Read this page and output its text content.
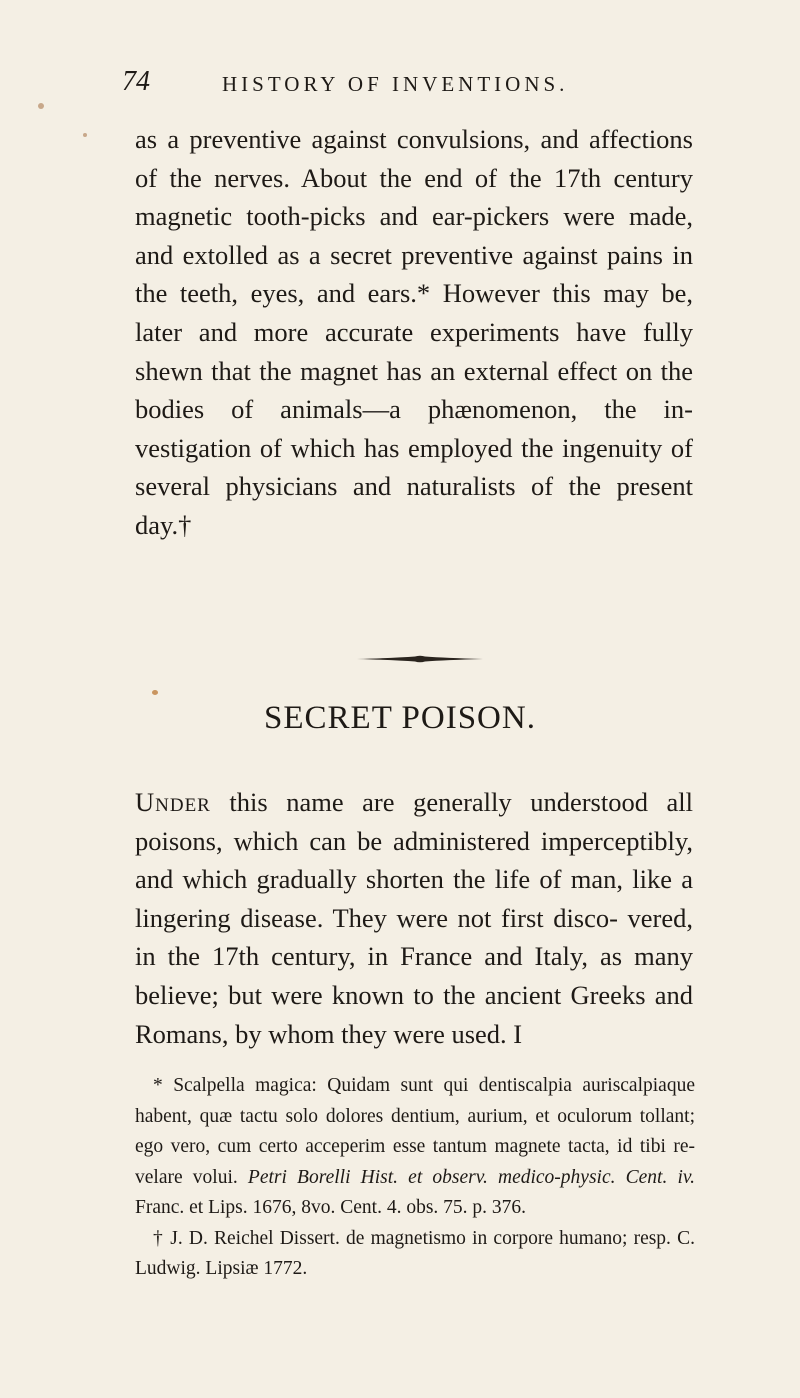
74	HISTORY OF INVENTIONS.

as a preventive against convulsions, and affections of the nerves. About the end of the 17th century magnetic tooth-picks and ear-pickers were made, and extolled as a secret preventive against pains in the teeth, eyes, and ears.* However this may be, later and more accurate experiments have fully shewn that the magnet has an external effect on the bodies of animals—a phænomenon, the in- vestigation of which has employed the ingenuity of several physicians and naturalists of the present day.†

SECRET POISON.

Under this name are generally understood all poisons, which can be administered imperceptibly, and which gradually shorten the life of man, like a lingering disease. They were not first disco- vered, in the 17th century, in France and Italy, as many believe; but were known to the ancient Greeks and Romans, by whom they were used. I

* Scalpella magica: Quidam sunt qui dentiscalpia auriscalpiaque habent, quæ tactu solo dolores dentium, aurium, et oculorum tollant; ego vero, cum certo acceperim esse tantum magnete tacta, id tibi re- velare volui. Petri Borelli Hist. et observ. medico-physic. Cent. iv. Franc. et Lips. 1676, 8vo. Cent. 4. obs. 75. p. 376.

† J. D. Reichel Dissert. de magnetismo in corpore humano; resp. C. Ludwig. Lipsiæ 1772.
